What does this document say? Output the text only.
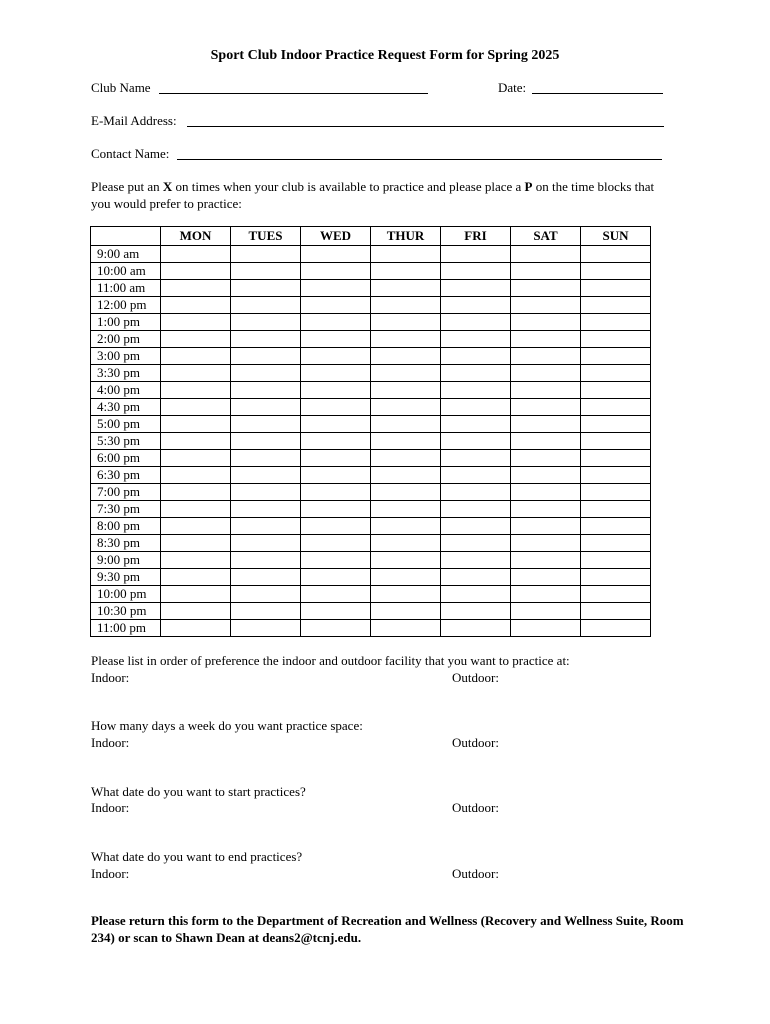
Sport Club Indoor Practice Request Form for Spring 2025
Club Name	Date:
E-Mail Address:
Contact Name:
Please put an X on times when your club is available to practice and please place a P on the time blocks that you would prefer to practice:
	MON	TUES	WED	THUR	FRI	SAT	SUN
9:00 am							
10:00 am							
11:00 am							
12:00 pm							
1:00 pm							
2:00 pm							
3:00 pm							
3:30 pm							
4:00 pm							
4:30 pm							
5:00 pm							
5:30 pm							
6:00 pm							
6:30 pm							
7:00 pm							
7:30 pm							
8:00 pm							
8:30 pm							
9:00 pm							
9:30 pm							
10:00 pm							
10:30 pm							
11:00 pm							
Please list in order of preference the indoor and outdoor facility that you want to practice at:
Indoor:	Outdoor:
How many days a week do you want practice space:
Indoor:	Outdoor:
What date do you want to start practices?
Indoor:	Outdoor:
What date do you want to end practices?
Indoor:	Outdoor:
Please return this form to the Department of Recreation and Wellness (Recovery and Wellness Suite, Room 234) or scan to Shawn Dean at deans2@tcnj.edu.
